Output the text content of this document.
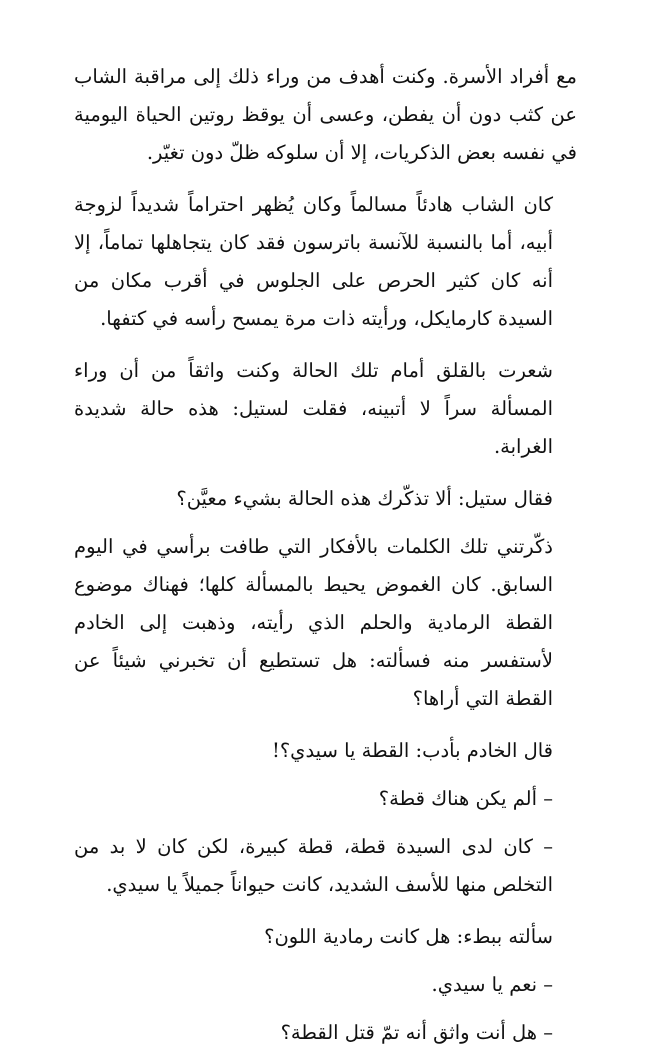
مع أفراد الأسرة. وكنت أهدف من وراء ذلك إلى مراقبة الشاب عن كثب دون أن يفطن، وعسى أن يوقظ روتين الحياة اليومية في نفسه بعض الذكريات، إلا أن سلوكه ظلّ دون تغيّر.

كان الشاب هادئاً مسالماً وكان يُظهر احتراماً شديداً لزوجة أبيه، أما بالنسبة للآنسة باترسون فقد كان يتجاهلها تماماً، إلا أنه كان كثير الحرص على الجلوس في أقرب مكان من السيدة كارمايكل، ورأيته ذات مرة يمسح رأسه في كتفها.

شعرت بالقلق أمام تلك الحالة وكنت واثقاً من أن وراء المسألة سراً لا أتبينه، فقلت لستيل: هذه حالة شديدة الغرابة.

فقال ستيل: ألا تذكّرك هذه الحالة بشيء معيَّن؟

ذكّرتني تلك الكلمات بالأفكار التي طافت برأسي في اليوم السابق. كان الغموض يحيط بالمسألة كلها؛ فهناك موضوع القطة الرمادية والحلم الذي رأيته، وذهبت إلى الخادم لأستفسر منه فسألته: هل تستطيع أن تخبرني شيئاً عن القطة التي أراها؟

قال الخادم بأدب: القطة يا سيدي؟!

– ألم يكن هناك قطة؟

– كان لدى السيدة قطة، قطة كبيرة، لكن كان لا بد من التخلص منها للأسف الشديد، كانت حيواناً جميلاً يا سيدي.

سألته ببطء: هل كانت رمادية اللون؟

– نعم يا سيدي.

– هل أنت واثق أنه تمّ قتل القطة؟
